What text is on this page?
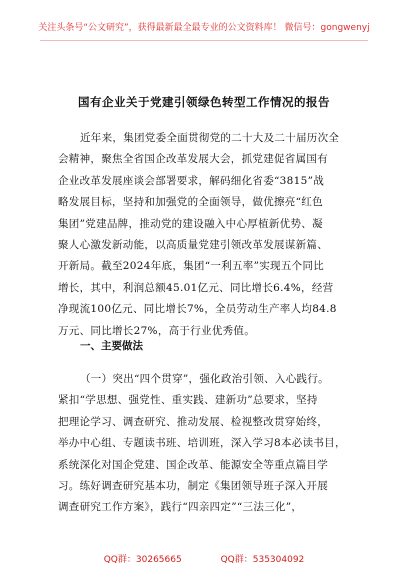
关注头条号“公文研究”，获得最新最全最专业的公文资料库！ 微信号：gongwenyj
国有企业关于党建引领绿色转型工作情况的报告
近年来，集团党委全面贯彻党的二十大及二十届历次全
会精神，聚焦全省国企改革发展大会，抓党建促省属国有
企业改革发展座谈会部署要求，解码细化省委“3815”战
略发展目标，坚持和加强党的全面领导，做优擦亮“红色
集团”党建品牌，推动党的建设融入中心厚植新优势、凝
聚人心激发新动能，以高质量党建引领改革发展谋新篇、
开新局。截至2024年底，集团“一利五率”实现五个同比
增长，其中，利润总额45.01亿元、同比增长6.4%，经营
净现流100亿元、同比增长7%，全员劳动生产率人均84.8
万元、同比增长27%，高于行业优秀值。
一、主要做法
（一）突出“四个贯穿”，强化政治引领、入心践行。
紧扣“学思想、强党性、重实践、建新功”总要求，坚持
把理论学习、调查研究、推动发展、检视整改贯穿始终，
举办中心组、专题读书班、培训班，深入学习8本必读书目，
系统深化对国企党建、国企改革、能源安全等重点篇目学
习。练好调查研究基本功，制定《集团领导班子深入开展
调查研究工作方案》，践行“四亲四定”“三法三化”，
QQ群：30265665	QQ群：535304092
